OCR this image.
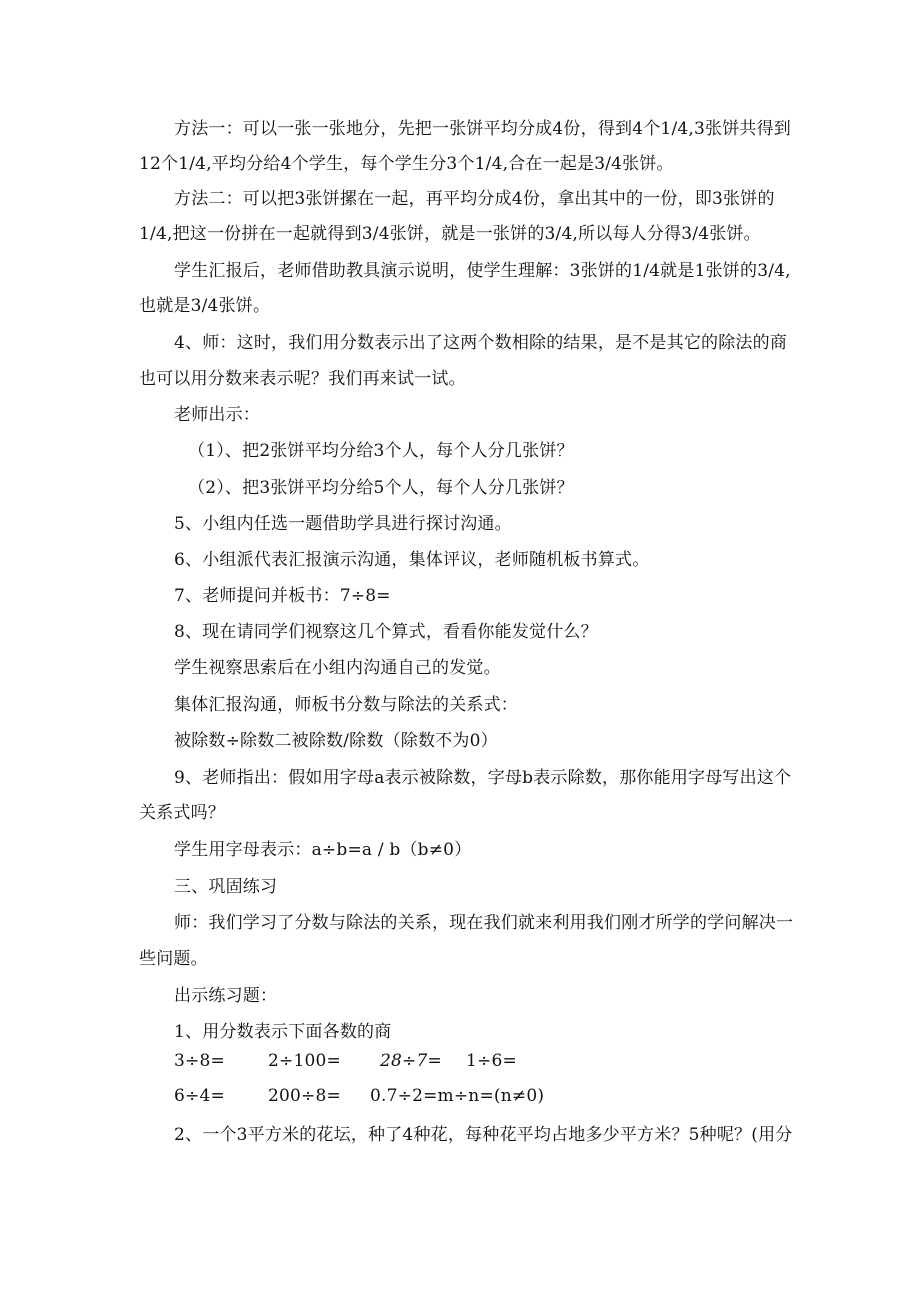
方法一：可以一张一张地分，先把一张饼平均分成4份，得到4个1/4,3张饼共得到
12个1/4,平均分给4个学生，每个学生分3个1/4,合在一起是3/4张饼。
方法二：可以把3张饼摞在一起，再平均分成4份，拿出其中的一份，即3张饼的
1/4,把这一份拼在一起就得到3/4张饼，就是一张饼的3/4,所以每人分得3/4张饼。
学生汇报后，老师借助教具演示说明，使学生理解：3张饼的1/4就是1张饼的3/4,
也就是3/4张饼。
4、师：这时，我们用分数表示出了这两个数相除的结果，是不是其它的除法的商
也可以用分数来表示呢？我们再来试一试。
老师出示：
（1）、把2张饼平均分给3个人，每个人分几张饼？
（2）、把3张饼平均分给5个人，每个人分几张饼？
5、小组内任选一题借助学具进行探讨沟通。
6、小组派代表汇报演示沟通，集体评议，老师随机板书算式。
7、老师提问并板书：7÷8=
8、现在请同学们视察这几个算式，看看你能发觉什么？
学生视察思索后在小组内沟通自己的发觉。
集体汇报沟通，师板书分数与除法的关系式：
被除数÷除数二被除数/除数（除数不为0）
9、老师指出：假如用字母a表示被除数，字母b表示除数，那你能用字母写出这个
关系式吗？
学生用字母表示：a÷b=a / b（b≠0）
三、巩固练习
师：我们学习了分数与除法的关系，现在我们就来利用我们刚才所学的学问解决一
些问题。
出示练习题：
1、用分数表示下面各数的商
3÷8=	2÷100= 28÷7= 1÷6=
6÷4=	200÷8= 0.7÷2=m÷n=(n≠0)
2、一个3平方米的花坛，种了4种花，每种花平均占地多少平方米？5种呢？(用分
